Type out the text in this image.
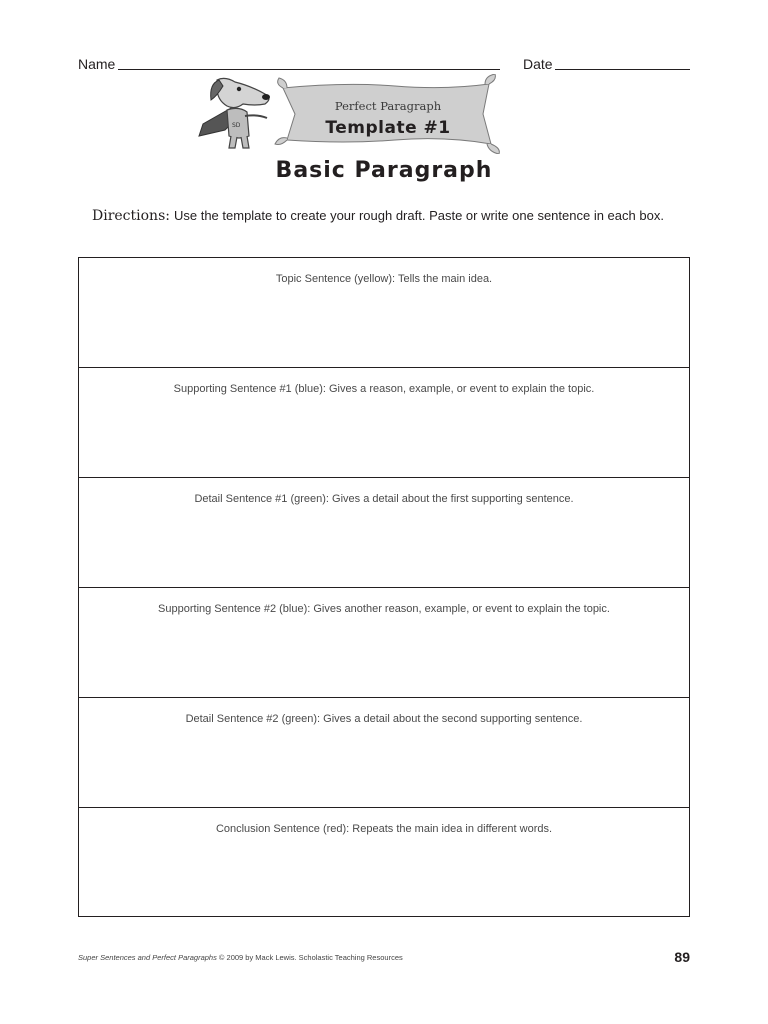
Name	Date
SD
Perfect Paragraph
Template #1
Basic Paragraph
Directions: Use the template to create your rough draft. Paste or write one sentence in each box.
Topic Sentence (yellow): Tells the main idea.
Supporting Sentence #1 (blue): Gives a reason, example, or event to explain the topic.
Detail Sentence #1 (green): Gives a detail about the first supporting sentence.
Supporting Sentence #2 (blue): Gives another reason, example, or event to explain the topic.
Detail Sentence #2 (green): Gives a detail about the second supporting sentence.
Conclusion Sentence (red): Repeats the main idea in different words.
Super Sentences and Perfect Paragraphs © 2009 by Mack Lewis. Scholastic Teaching Resources	89
